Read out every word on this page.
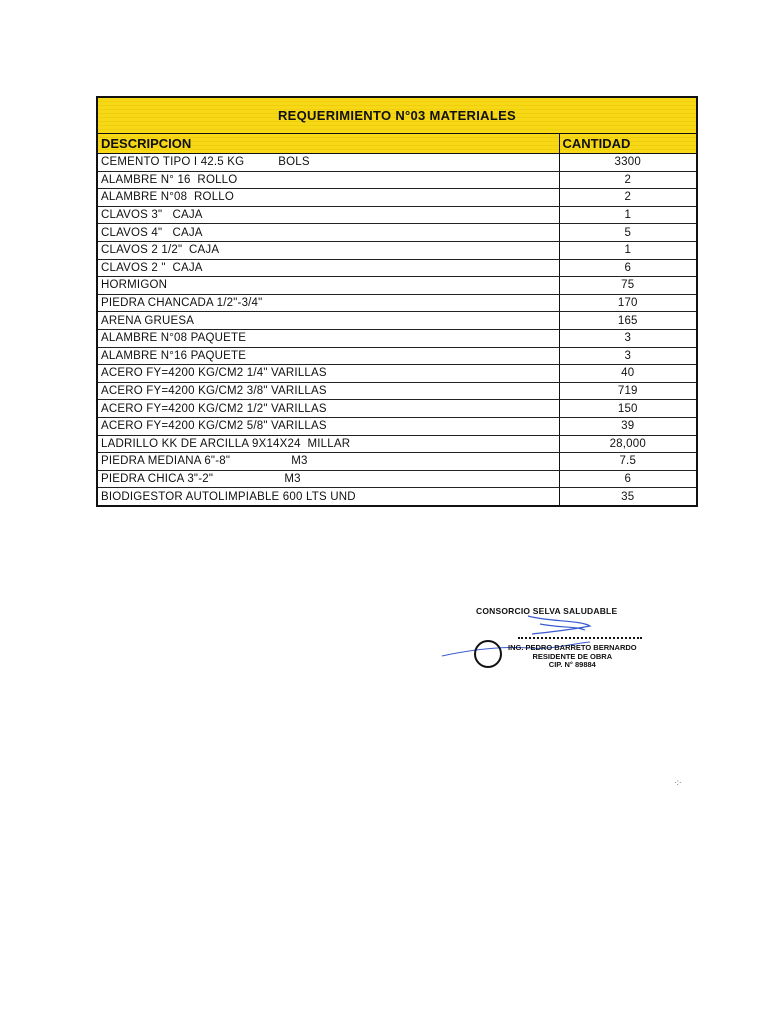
REQUERIMIENTO N°03 MATERIALES
DESCRIPCION	CANTIDAD
CEMENTO TIPO I 42.5 KG          BOLS	3300
ALAMBRE N° 16  ROLLO	2
ALAMBRE N°08  ROLLO	2
CLAVOS 3"   CAJA	1
CLAVOS 4"   CAJA	5
CLAVOS 2 1/2"  CAJA	1
CLAVOS 2 "  CAJA	6
HORMIGON	75
PIEDRA CHANCADA 1/2"-3/4"	170
ARENA GRUESA	165
ALAMBRE N°08 PAQUETE	3
ALAMBRE N°16 PAQUETE	3
ACERO FY=4200 KG/CM2 1/4" VARILLAS	40
ACERO FY=4200 KG/CM2 3/8" VARILLAS	719
ACERO FY=4200 KG/CM2 1/2" VARILLAS	150
ACERO FY=4200 KG/CM2 5/8" VARILLAS	39
LADRILLO KK DE ARCILLA 9X14X24  MILLAR	28,000
PIEDRA MEDIANA 6"-8"                  M3	7.5
PIEDRA CHICA 3"-2"                     M3	6
BIODIGESTOR AUTOLIMPIABLE 600 LTS UND	35
CONSORCIO SELVA SALUDABLE
ING. PEDRO BARRETO BERNARDO
RESIDENTE DE OBRA
CIP. N° 89884
·:·
